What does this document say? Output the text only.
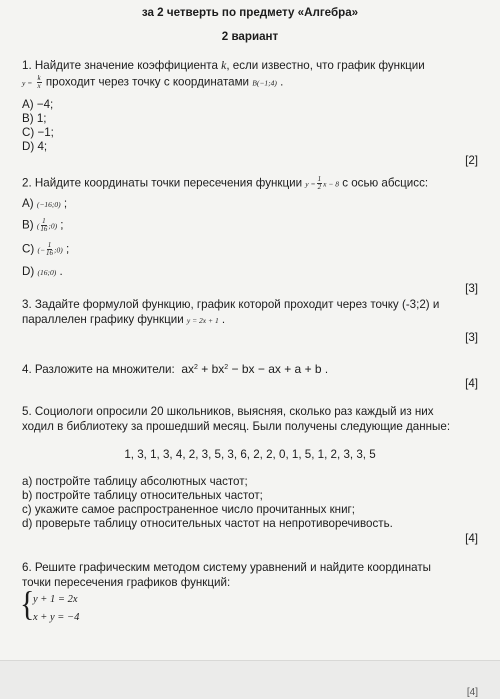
за 2 четверть по предмету «Алгебра»
2 вариант
1. Найдите значение коэффициента k, если известно, что график функции
$y = \frac{k}{x}$ проходит через точку с координатами B(−1;4) .
A) −4;
B) 1;
C) −1;
D) 4;
[2]
2. Найдите координаты точки пересечения функции $y = \frac{1}{2}$ x − 8 с осью абсцисс:
A) (−16;0) ;
B) ( $\frac{1}{16}$ ;0) ;
C) (− $\frac{1}{16}$ ;0) ;
D) (16;0) .
[3]
3. Задайте формулой функцию, график которой проходит через точку (-3;2) и
параллелен графику функции y = 2x + 1 .
[3]
4. Разложите на множители: $ax^2 + bx^2$ − bx − ax + a + b .
[4]
5. Социологи опросили 20 школьников, выясняя, сколько раз каждый из них
ходил в библиотеку за прошедший месяц. Были получены следующие данные:
1, 3, 1, 3, 4, 2, 3, 5, 3, 6, 2, 2, 0, 1, 5, 1, 2, 3, 3, 5
a) постройте таблицу абсолютных частот;
b) постройте таблицу относительных частот;
c) укажите самое распространенное число прочитанных книг;
d) проверьте таблицу относительных частот на непротиворечивость.
[4]
6. Решите графическим методом систему уравнений и найдите координаты
точки пересечения графиков функций:
{
y + 1 = 2x
x + y = −4
[4]
